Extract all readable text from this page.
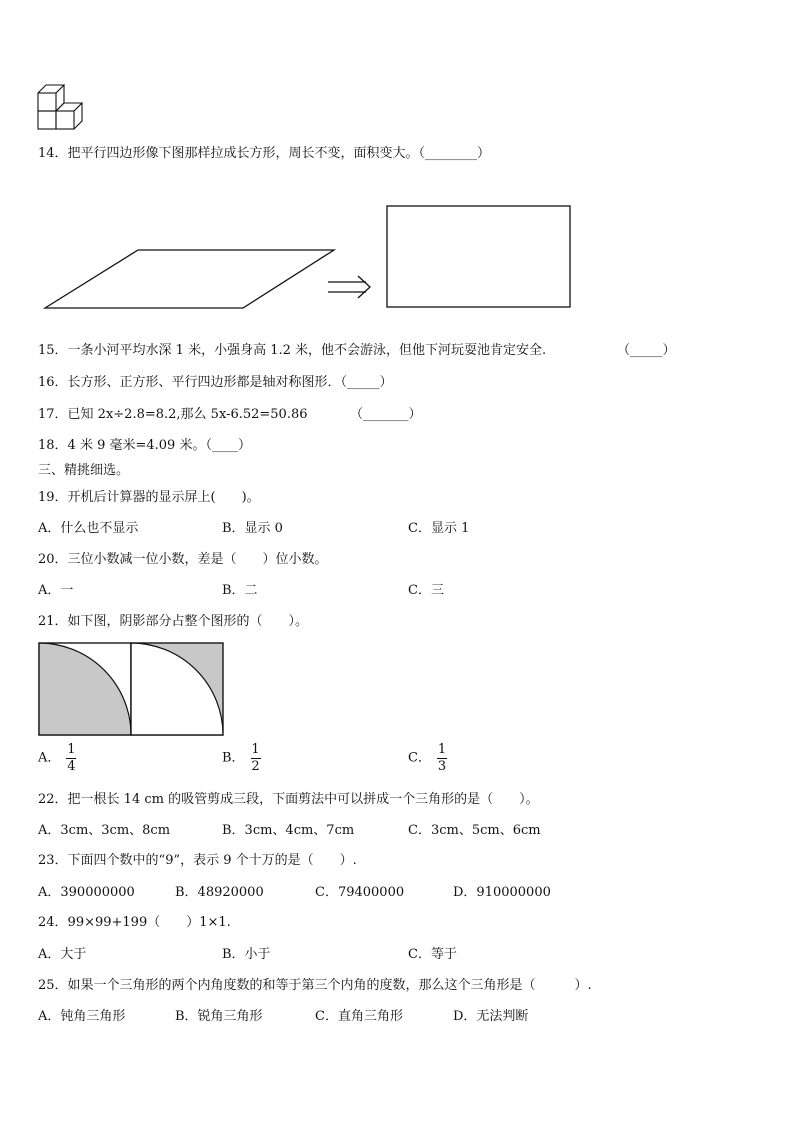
14．把平行四边形像下图那样拉成长方形，周长不变，面积变大。（________）
15．一条小河平均水深 1 米，小强身高 1.2 米，他不会游泳，但他下河玩耍池肯定安全.	（_____）
16．长方形、正方形、平行四边形都是轴对称图形．（_____）
17．已知 2x÷2.8=8.2,那么 5x-6.52=50.86	（_______）
18．4 米 9 毫米=4.09 米。（____）
三、精挑细选。
19．开机后计算器的显示屏上(　　)。
A．什么也不显示	B．显示 0	C．显示 1
20．三位小数减一位小数，差是（　　）位小数。
A．一	B．二	C．三
21．如下图，阴影部分占整个图形的（　　）。
A． $\frac{1}{4}$	B． $\frac{1}{2}$	C． $\frac{1}{3}$
22．把一根长 14 cm 的吸管剪成三段，下面剪法中可以拼成一个三角形的是（　　）。
A．3cm、3cm、8cm	B．3cm、4cm、7cm	C．3cm、5cm、6cm
23．下面四个数中的“9”，表示 9 个十万的是（　　）.
A．390000000	B．48920000	C．79400000	D．910000000
24．99×99+199（　　）1×1.
A．大于	B．小于	C．等于
25．如果一个三角形的两个内角度数的和等于第三个内角的度数，那么这个三角形是（　　　）.
A．钝角三角形	B．锐角三角形	C．直角三角形	D．无法判断
